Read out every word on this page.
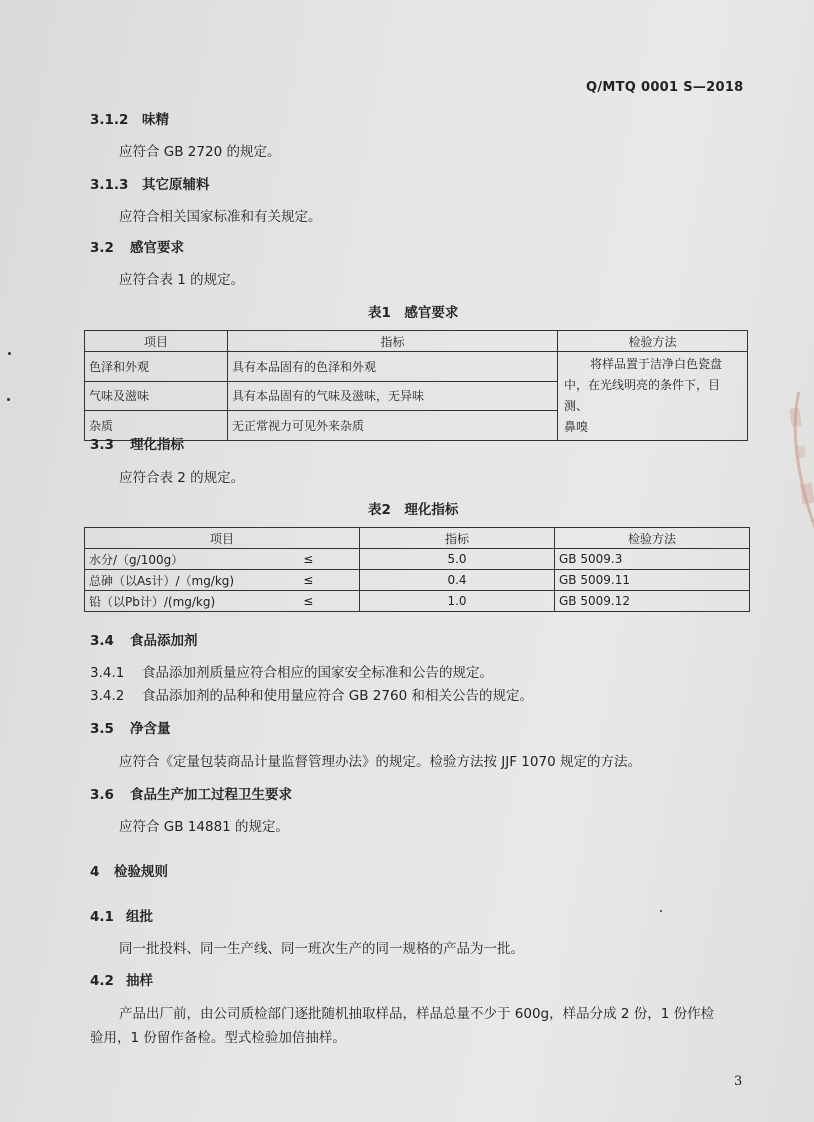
Q/MTQ 0001 S—2018
3.1.2 味精
应符合 GB 2720 的规定。
3.1.3 其它原辅料
应符合相关国家标准和有关规定。
3.2 感官要求
应符合表 1 的规定。
表1　感官要求
项目	指标	检验方法
色泽和外观	具有本品固有的色泽和外观	将样品置于洁净白色瓷盘
中，在光线明亮的条件下，目测、
鼻嗅

气味及滋味	具有本品固有的气味及滋味，无异味	
杂质	无正常视力可见外来杂质	
3.3 理化指标
应符合表 2 的规定。
表2　理化指标
项目		指标	检验方法
水分/（g/100g）	≤	5.0	GB 5009.3
总砷（以As计）/（mg/kg)	≤	0.4	GB 5009.11
铅（以Pb计）/(mg/kg)	≤	1.0	GB 5009.12
3.4 食品添加剂
3.4.1 食品添加剂质量应符合相应的国家安全标准和公告的规定。
3.4.2 食品添加剂的品种和使用量应符合 GB 2760 和相关公告的规定。
3.5 净含量
应符合《定量包装商品计量监督管理办法》的规定。检验方法按 JJF 1070 规定的方法。
3.6 食品生产加工过程卫生要求
应符合 GB 14881 的规定。
4 检验规则
4.1 组批
同一批投料、同一生产线、同一班次生产的同一规格的产品为一批。
4.2 抽样
产品出厂前，由公司质检部门逐批随机抽取样品，样品总量不少于 600g，样品分成 2 份，1 份作检
验用，1 份留作备检。型式检验加倍抽样。
3
